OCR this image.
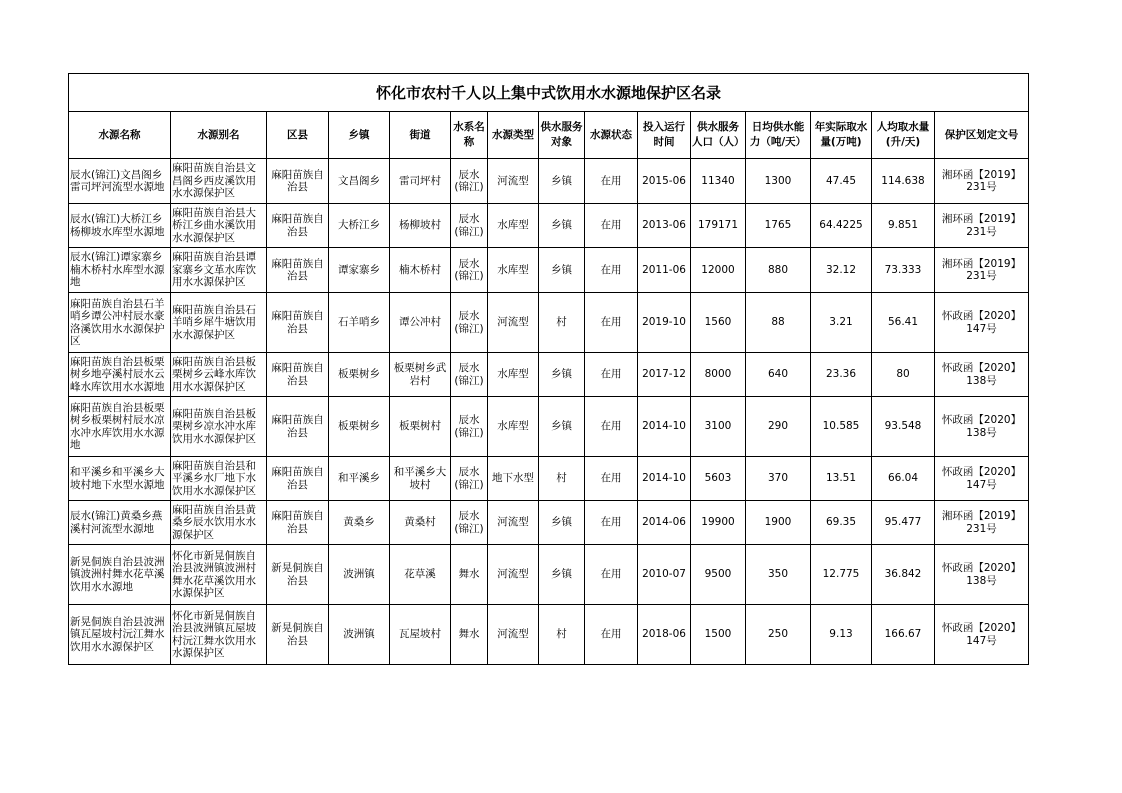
怀化市农村千人以上集中式饮用水水源地保护区名录														
水源名称	水源别名	区县	乡镇	街道	水系名称	水源类型	供水服务对象	水源状态	投入运行时间	供水服务人口（人）	日均供水能力（吨/天）	年实际取水量(万吨)	人均取水量(升/天)	保护区划定文号
辰水(锦江)文昌阁乡雷司坪河流型水源地	麻阳苗族自治县文昌阁乡西皮溪饮用水水源保护区	麻阳苗族自治县	文昌阁乡	雷司坪村	辰水(锦江)	河流型	乡镇	在用	2015-06	11340	1300	47.45	114.638	湘环函【2019】231号
辰水(锦江)大桥江乡杨柳坡水库型水源地	麻阳苗族自治县大桥江乡曲水溪饮用水水源保护区	麻阳苗族自治县	大桥江乡	杨柳坡村	辰水(锦江)	水库型	乡镇	在用	2013-06	179171	1765	64.4225	9.851	湘环函【2019】231号
辰水(锦江)谭家寨乡楠木桥村水库型水源地	麻阳苗族自治县谭家寨乡文革水库饮用水水源保护区	麻阳苗族自治县	谭家寨乡	楠木桥村	辰水(锦江)	水库型	乡镇	在用	2011-06	12000	880	32.12	73.333	湘环函【2019】231号
麻阳苗族自治县石羊哨乡谭公冲村辰水豪洛溪饮用水水源保护区	麻阳苗族自治县石羊哨乡犀牛塘饮用水水源保护区	麻阳苗族自治县	石羊哨乡	谭公冲村	辰水(锦江)	河流型	村	在用	2019-10	1560	88	3.21	56.41	怀政函【2020】147号
麻阳苗族自治县板栗树乡地亭溪村辰水云峰水库饮用水水源地	麻阳苗族自治县板栗树乡云峰水库饮用水水源保护区	麻阳苗族自治县	板栗树乡	板栗树乡武岩村	辰水(锦江)	水库型	乡镇	在用	2017-12	8000	640	23.36	80	怀政函【2020】138号
麻阳苗族自治县板栗树乡板栗树村辰水凉水冲水库饮用水水源地	麻阳苗族自治县板栗树乡凉水冲水库饮用水水源保护区	麻阳苗族自治县	板栗树乡	板栗树村	辰水(锦江)	水库型	乡镇	在用	2014-10	3100	290	10.585	93.548	怀政函【2020】138号
和平溪乡和平溪乡大坡村地下水型水源地	麻阳苗族自治县和平溪乡水厂地下水饮用水水源保护区	麻阳苗族自治县	和平溪乡	和平溪乡大坡村	辰水(锦江)	地下水型	村	在用	2014-10	5603	370	13.51	66.04	怀政函【2020】147号
辰水(锦江)黄桑乡燕溪村河流型水源地	麻阳苗族自治县黄桑乡辰水饮用水水源保护区	麻阳苗族自治县	黄桑乡	黄桑村	辰水(锦江)	河流型	乡镇	在用	2014-06	19900	1900	69.35	95.477	湘环函【2019】231号
新晃侗族自治县波洲镇波洲村舞水花草溪饮用水水源地	怀化市新晃侗族自治县波洲镇波洲村舞水花草溪饮用水水源保护区	新晃侗族自治县	波洲镇	花草溪	舞水	河流型	乡镇	在用	2010-07	9500	350	12.775	36.842	怀政函【2020】138号
新晃侗族自治县波洲镇瓦屋坡村沅江舞水饮用水水源保护区	怀化市新晃侗族自治县波洲镇瓦屋坡村沅江舞水饮用水水源保护区	新晃侗族自治县	波洲镇	瓦屋坡村	舞水	河流型	村	在用	2018-06	1500	250	9.13	166.67	怀政函【2020】147号
